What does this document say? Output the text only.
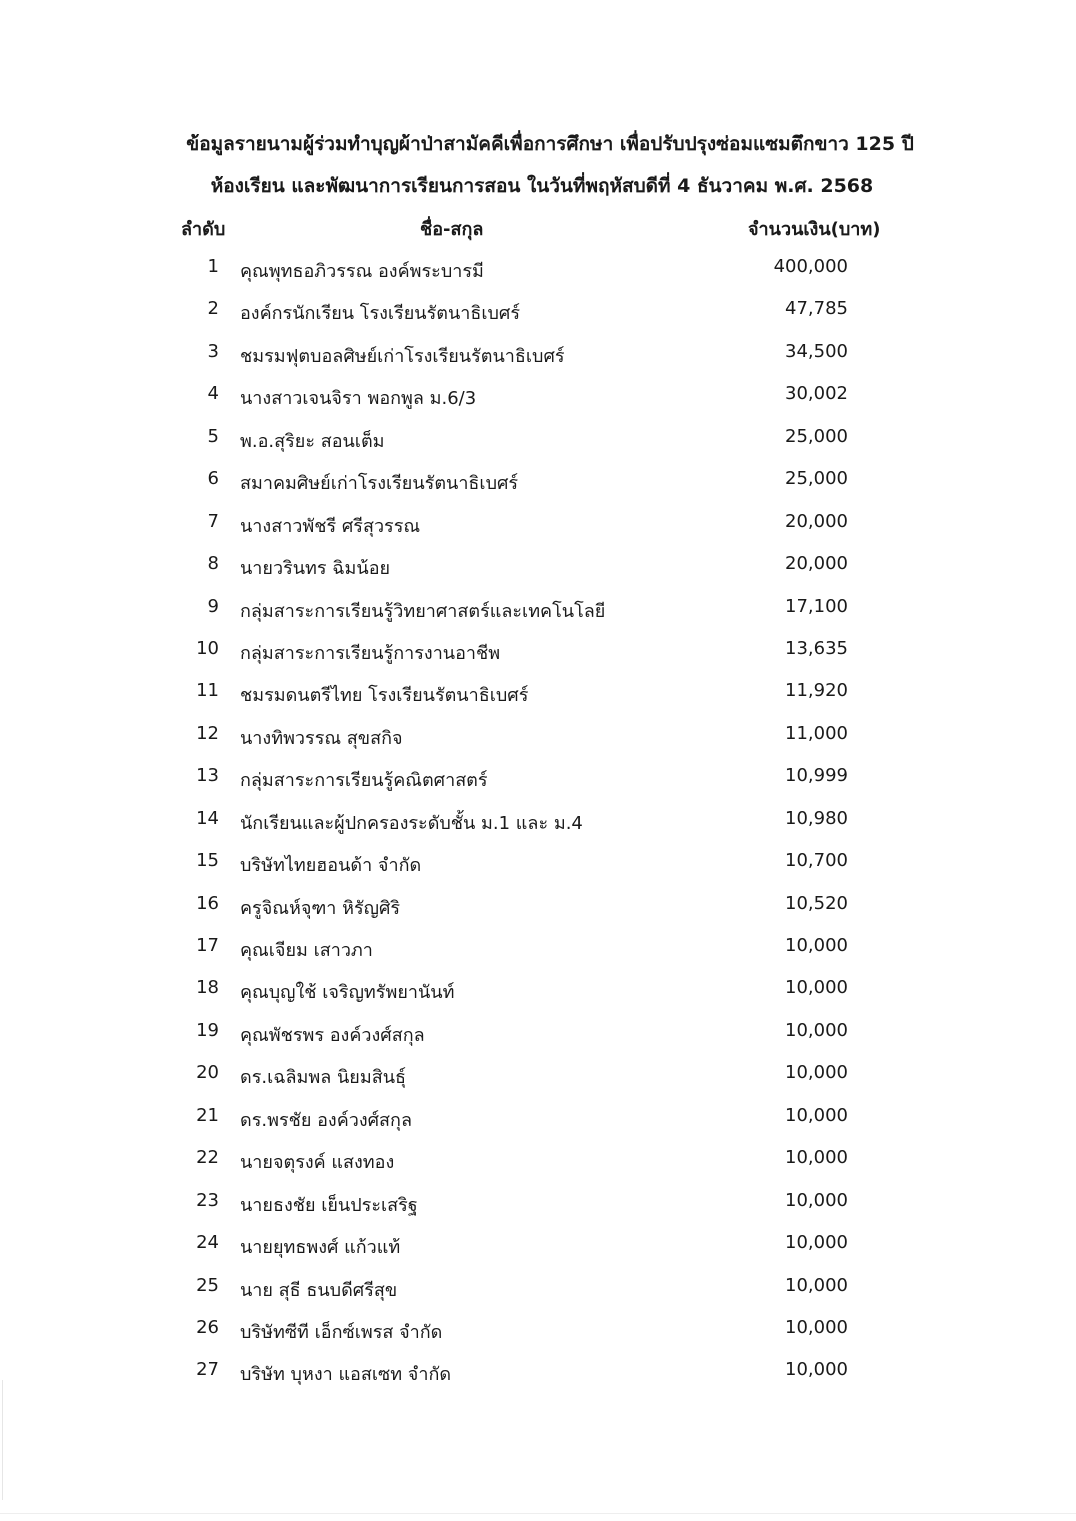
ข้อมูลรายนามผู้ร่วมทำบุญผ้าป่าสามัคคีเพื่อการศึกษา เพื่อปรับปรุงซ่อมแซมตึกขาว 125 ปี
ห้องเรียน และพัฒนาการเรียนการสอน ในวันที่พฤหัสบดีที่ 4 ธันวาคม พ.ศ. 2568
ลำดับ	ชื่อ-สกุล	จำนวนเงิน(บาท)
1 คุณพุทธอภิวรรณ องค์พระบารมี	400,000
2 องค์กรนักเรียน โรงเรียนรัตนาธิเบศร์	47,785
3 ชมรมฟุตบอลศิษย์เก่าโรงเรียนรัตนาธิเบศร์	34,500
4 นางสาวเจนจิรา พอกพูล ม.6/3	30,002
5 พ.อ.สุริยะ สอนเต็ม	25,000
6 สมาคมศิษย์เก่าโรงเรียนรัตนาธิเบศร์	25,000
7 นางสาวพัชรี ศรีสุวรรณ	20,000
8 นายวรินทร ฉิมน้อย	20,000
9 กลุ่มสาระการเรียนรู้วิทยาศาสตร์และเทคโนโลยี	17,100
10 กลุ่มสาระการเรียนรู้การงานอาชีพ	13,635
11 ชมรมดนตรีไทย โรงเรียนรัตนาธิเบศร์	11,920
12 นางทิพวรรณ สุขสกิจ	11,000
13 กลุ่มสาระการเรียนรู้คณิตศาสตร์	10,999
14 นักเรียนและผู้ปกครองระดับชั้น ม.1 และ ม.4	10,980
15 บริษัทไทยฮอนด้า จำกัด	10,700
16 ครูจิณห์จุฑา หิรัญศิริ	10,520
17 คุณเจียม เสาวภา	10,000
18 คุณบุญใช้ เจริญทรัพยานันท์	10,000
19 คุณพัชรพร องค์วงศ์สกุล	10,000
20 ดร.เฉลิมพล นิยมสินธุ์	10,000
21 ดร.พรชัย องค์วงศ์สกุล	10,000
22 นายจตุรงค์ แสงทอง	10,000
23 นายธงชัย เย็นประเสริฐ	10,000
24 นายยุทธพงศ์ แก้วแท้	10,000
25 นาย สุธี ธนบดีศรีสุข	10,000
26 บริษัทซีที เอ็กซ์เพรส จำกัด	10,000
27 บริษัท บุหงา แอสเซท จำกัด	10,000
